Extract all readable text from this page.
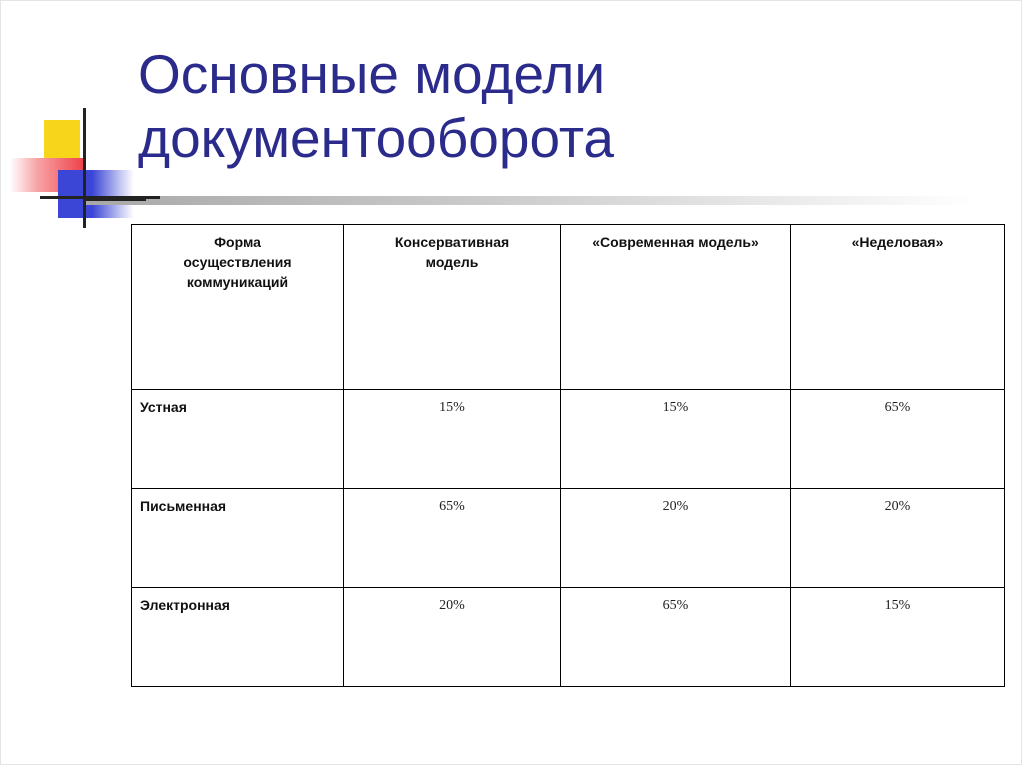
Основные модели
документооборота
Форма осуществления коммуникаций	Консервативная модель	«Современная модель»	«Неделовая»

Устная	15%	15%	65%

Письменная	65%	20%	20%

Электронная	20%	65%	15%
